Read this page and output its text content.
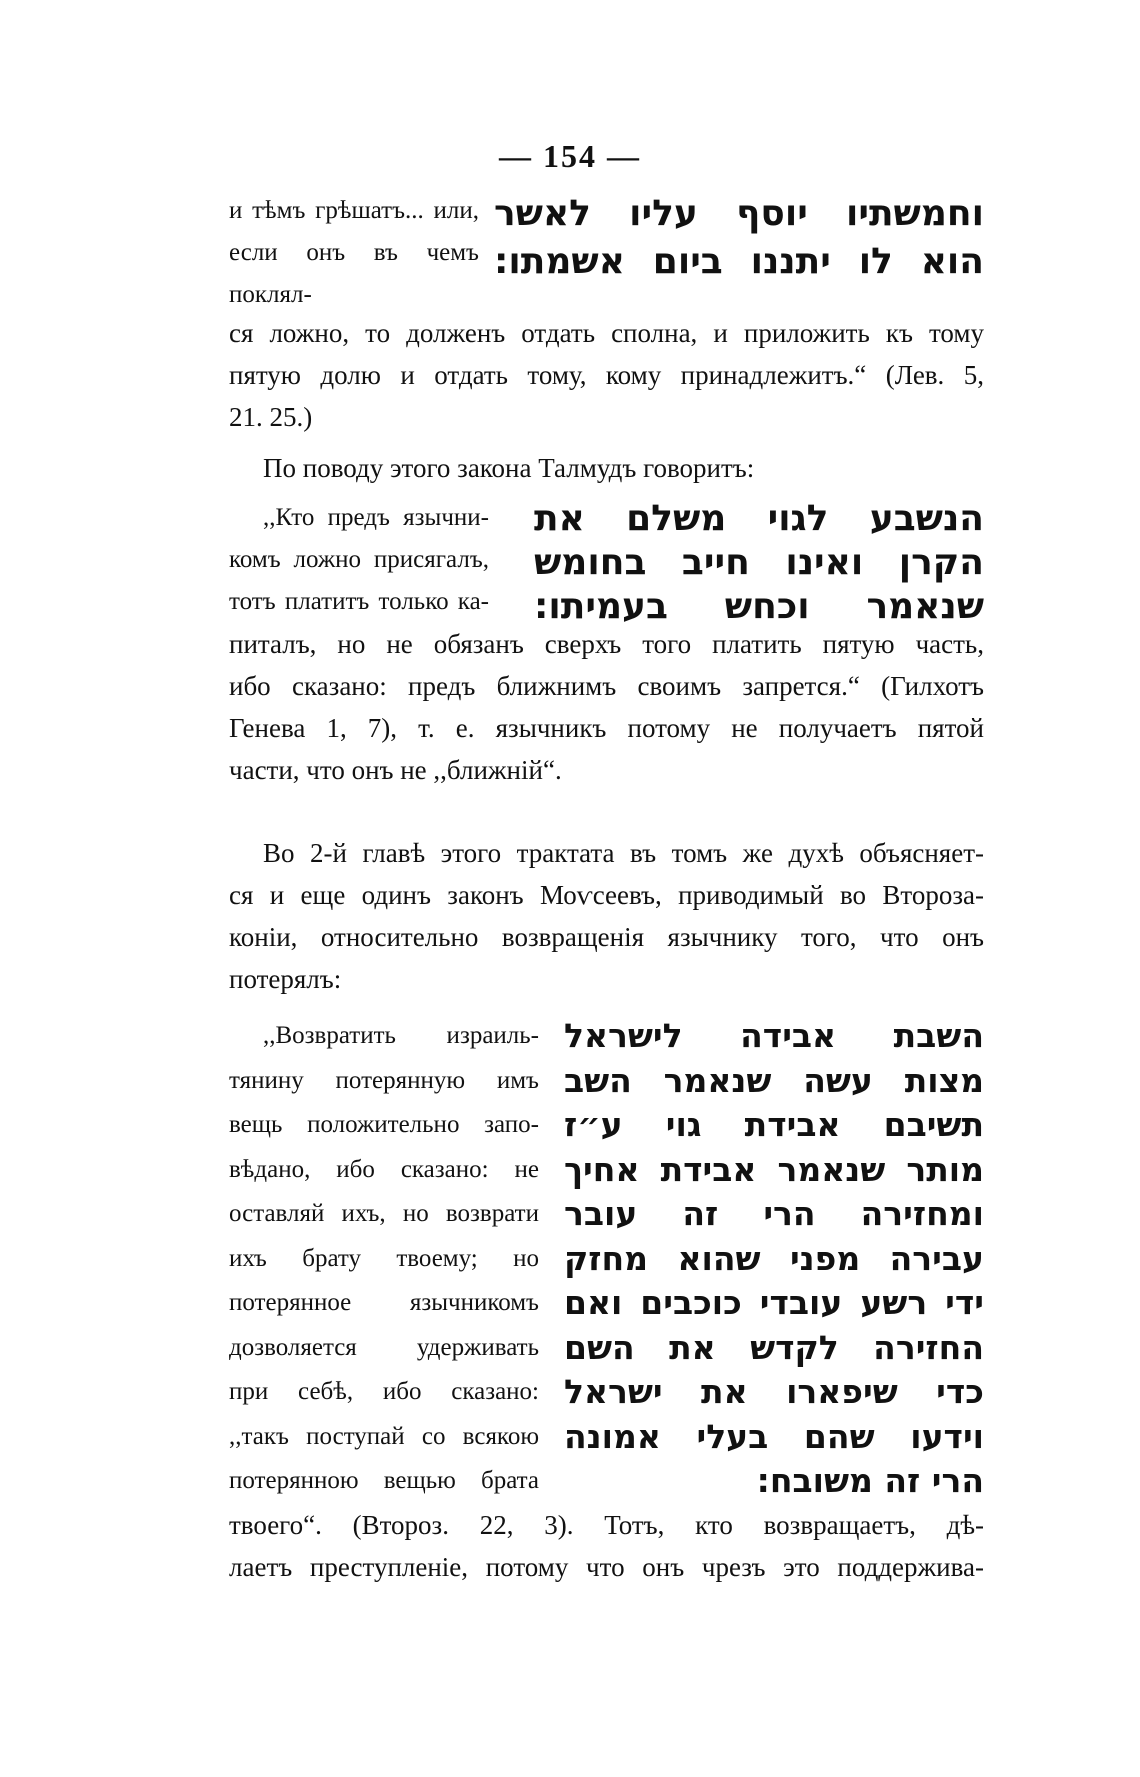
— 154 —
и тѣмъ грѣшатъ... или,
если онъ въ чемъ поклял-
וחמשתיו יוסף עליו לאשר
הוא לו יתננו ביום אשמתו:
ся ложно, то долженъ отдать сполна, и приложить къ тому
пятую долю и отдать тому, кому принадлежитъ.“ (Лев. 5,
21. 25.)
По поводу этого закона Талмудъ говоритъ:
,,Кто предъ язычни-
комъ ложно присягалъ,
тотъ платитъ только ка-
הנשבע לגוי משלם את
הקרן ואינו חייב בחומש
שנאמר וכחש בעמיתו:
питалъ, но не обязанъ сверхъ того платить пятую часть,
ибо сказано: предъ ближнимъ своимъ запрется.“ (Гилхотъ
Генева 1, 7), т. е. язычникъ потому не получаетъ пятой
части, что онъ не ,,ближній“.
Во 2-й главѣ этого трактата въ томъ же духѣ объясняет-
ся и еще одинъ законъ Моѵсеевъ, приводимый во Второза-
коніи, относительно возвращенія язычнику того, что онъ
потерялъ:
,,Возвратить израиль-
тянину потерянную имъ
вещь положительно запо-
вѣдано, ибо сказано: не
оставляй ихъ, но возврати
ихъ брату твоему; но
потерянное язычникомъ
дозволяется удерживать
при себѣ, ибо сказано:
,,такъ поступай со всякою
потерянною вещью брата
השבת אבידה לישראל
מצות עשה שנאמר השב
תשיבם אבידת גוי ע״ז
מותר שנאמר אבידת אחיך
ומחזירה הרי זה עובר
עבירה מפני שהוא מחזק
ידי רשע עובדי כוכבים ואם
החזירה לקדש את השם
כדי שיפארו את ישראל
וידעו שהם בעלי אמונה
הרי זה משובח:
твоего“. (Второз. 22, 3). Тотъ, кто возвращаетъ, дѣ-
лаетъ преступленіе, потому что онъ чрезъ это поддержива-
